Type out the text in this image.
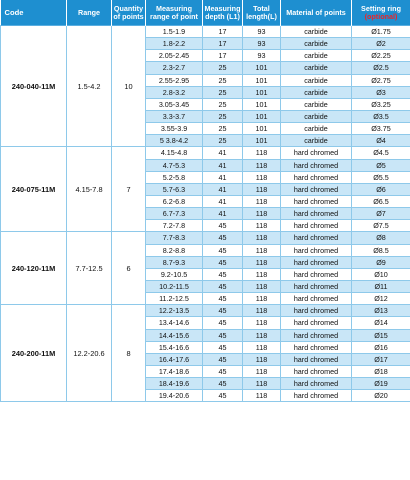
Code	Range	Quantity of points	Measuring range of point	Measuring depth (L1)	Total length(L)	Material of points	Setting ring
(optional)
240-040-11M	1.5-4.2	10	1.5-1.9	17	93	carbide	Ø1.75
			1.8-2.2	17	93	carbide	Ø2
			2.05-2.45	17	93	carbide	Ø2.25
			2.3-2.7	25	101	carbide	Ø2.5
			2.55-2.95	25	101	carbide	Ø2.75
			2.8-3.2	25	101	carbide	Ø3
			3.05-3.45	25	101	carbide	Ø3.25
			3.3-3.7	25	101	carbide	Ø3.5
			3.55-3.9	25	101	carbide	Ø3.75
			5 3.8-4.2	25	101	carbide	Ø4
240-075-11M	4.15-7.8	7	4.15-4.8	41	118	hard chromed	Ø4.5
			4.7-5.3	41	118	hard chromed	Ø5
			5.2-5.8	41	118	hard chromed	Ø5.5
			5.7-6.3	41	118	hard chromed	Ø6
			6.2-6.8	41	118	hard chromed	Ø6.5
			6.7-7.3	41	118	hard chromed	Ø7
			7.2-7.8	45	118	hard chromed	Ø7.5
240-120-11M	7.7-12.5	6	7.7-8.3	45	118	hard chromed	Ø8
			8.2-8.8	45	118	hard chromed	Ø8.5
			8.7-9.3	45	118	hard chromed	Ø9
			9.2-10.5	45	118	hard chromed	Ø10
			10.2-11.5	45	118	hard chromed	Ø11
			11.2-12.5	45	118	hard chromed	Ø12
240-200-11M	12.2-20.6	8	12.2-13.5	45	118	hard chromed	Ø13
			13.4-14.6	45	118	hard chromed	Ø14
			14.4-15.6	45	118	hard chromed	Ø15
			15.4-16.6	45	118	hard chromed	Ø16
			16.4-17.6	45	118	hard chromed	Ø17
			17.4-18.6	45	118	hard chromed	Ø18
			18.4-19.6	45	118	hard chromed	Ø19
			19.4-20.6	45	118	hard chromed	Ø20
